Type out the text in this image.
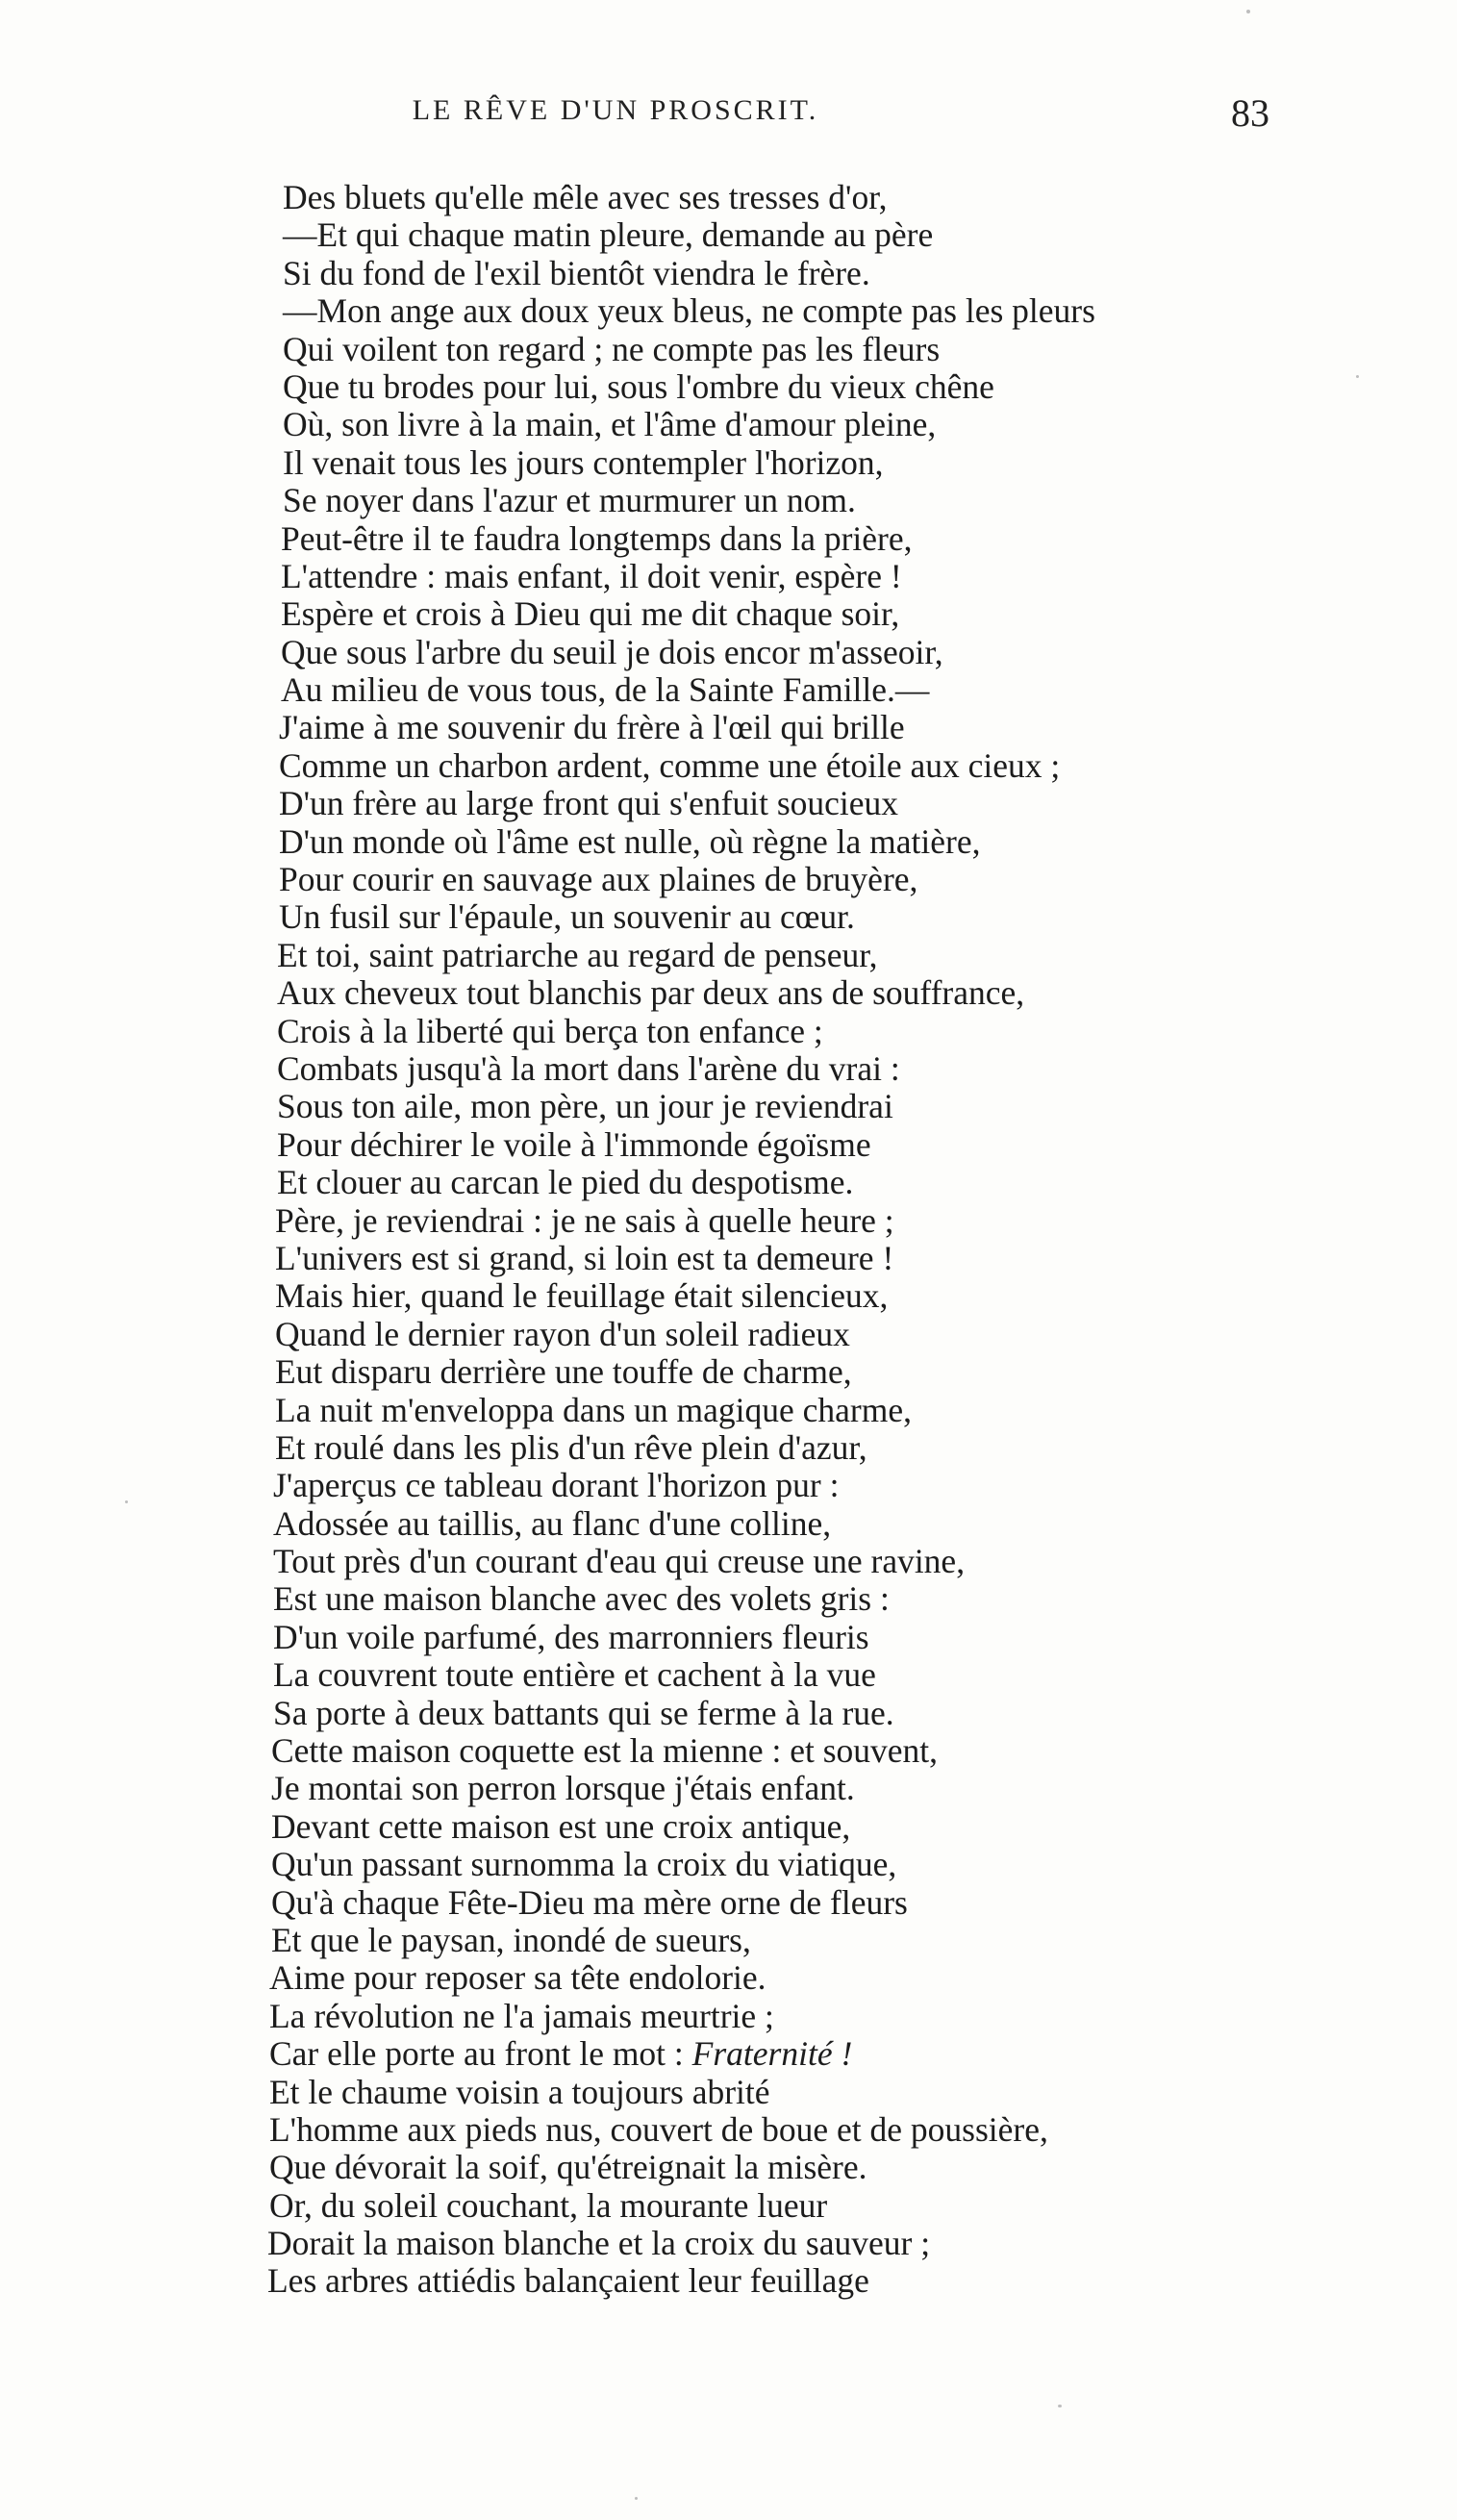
LE RÊVE D'UN PROSCRIT.	83
Des bluets qu'elle mêle avec ses tresses d'or,
—Et qui chaque matin pleure, demande au père
Si du fond de l'exil bientôt viendra le frère.
—Mon ange aux doux yeux bleus, ne compte pas les pleurs
Qui voilent ton regard ; ne compte pas les fleurs
Que tu brodes pour lui, sous l'ombre du vieux chêne
Où, son livre à la main, et l'âme d'amour pleine,
Il venait tous les jours contempler l'horizon,
Se noyer dans l'azur et murmurer un nom.
Peut-être il te faudra longtemps dans la prière,
L'attendre : mais enfant, il doit venir, espère !
Espère et crois à Dieu qui me dit chaque soir,
Que sous l'arbre du seuil je dois encor m'asseoir,
Au milieu de vous tous, de la Sainte Famille.—
J'aime à me souvenir du frère à l'œil qui brille
Comme un charbon ardent, comme une étoile aux cieux ;
D'un frère au large front qui s'enfuit soucieux
D'un monde où l'âme est nulle, où règne la matière,
Pour courir en sauvage aux plaines de bruyère,
Un fusil sur l'épaule, un souvenir au cœur.
Et toi, saint patriarche au regard de penseur,
Aux cheveux tout blanchis par deux ans de souffrance,
Crois à la liberté qui berça ton enfance ;
Combats jusqu'à la mort dans l'arène du vrai :
Sous ton aile, mon père, un jour je reviendrai
Pour déchirer le voile à l'immonde égoïsme
Et clouer au carcan le pied du despotisme.
Père, je reviendrai : je ne sais à quelle heure ;
L'univers est si grand, si loin est ta demeure !
Mais hier, quand le feuillage était silencieux,
Quand le dernier rayon d'un soleil radieux
Eut disparu derrière une touffe de charme,
La nuit m'enveloppa dans un magique charme,
Et roulé dans les plis d'un rêve plein d'azur,
J'aperçus ce tableau dorant l'horizon pur :
Adossée au taillis, au flanc d'une colline,
Tout près d'un courant d'eau qui creuse une ravine,
Est une maison blanche avec des volets gris :
D'un voile parfumé, des marronniers fleuris
La couvrent toute entière et cachent à la vue
Sa porte à deux battants qui se ferme à la rue.
Cette maison coquette est la mienne : et souvent,
Je montai son perron lorsque j'étais enfant.
Devant cette maison est une croix antique,
Qu'un passant surnomma la croix du viatique,
Qu'à chaque Fête-Dieu ma mère orne de fleurs
Et que le paysan, inondé de sueurs,
Aime pour reposer sa tête endolorie.
La révolution ne l'a jamais meurtrie ;
Car elle porte au front le mot : Fraternité !
Et le chaume voisin a toujours abrité
L'homme aux pieds nus, couvert de boue et de poussière,
Que dévorait la soif, qu'étreignait la misère.
Or, du soleil couchant, la mourante lueur
Dorait la maison blanche et la croix du sauveur ;
Les arbres attiédis balançaient leur feuillage
